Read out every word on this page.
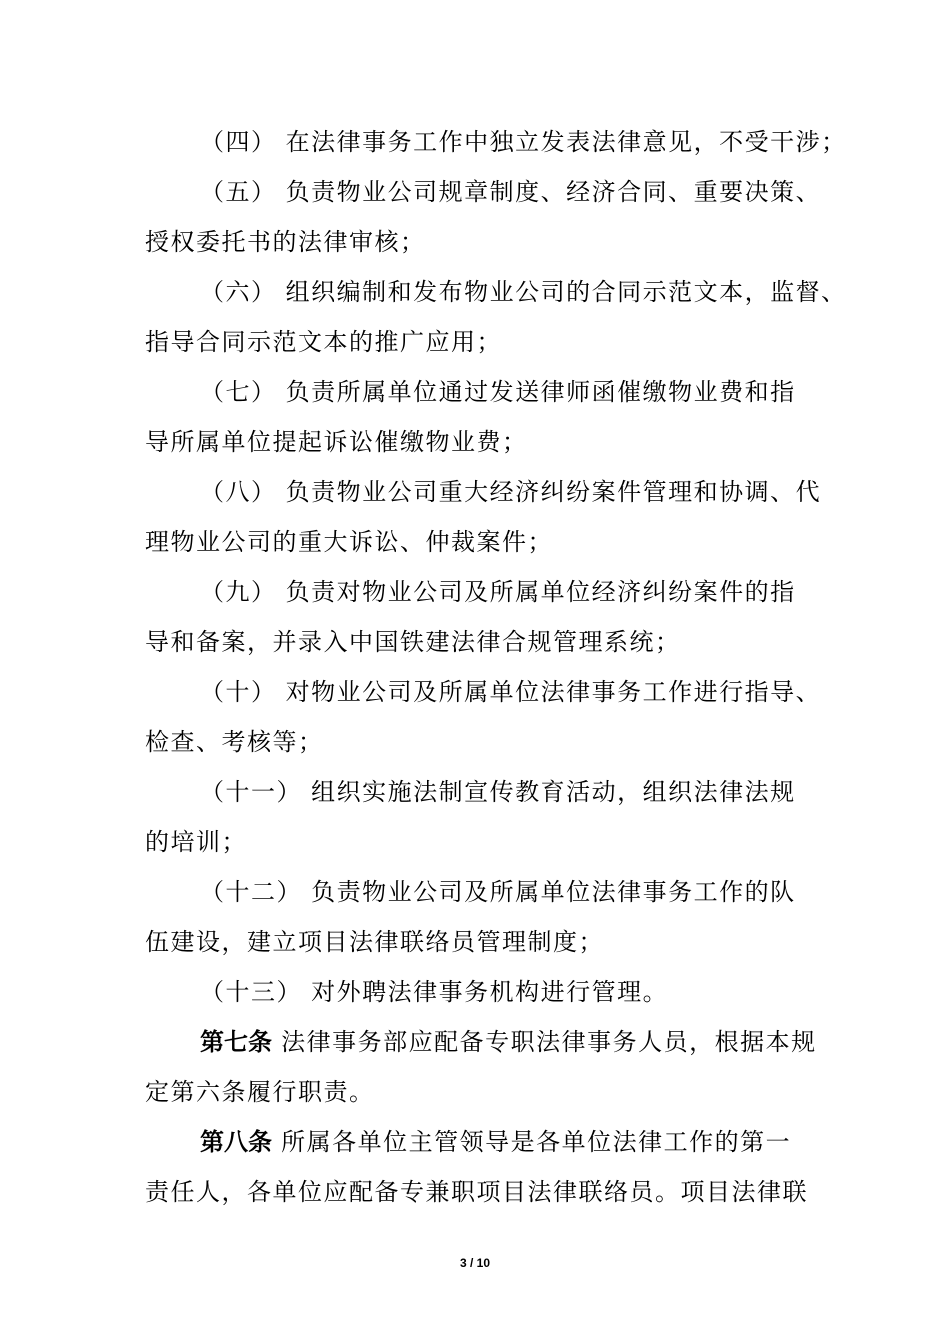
（四） 在法律事务工作中独立发表法律意见，不受干涉；
（五） 负责物业公司规章制度、经济合同、重要决策、
授权委托书的法律审核；
（六） 组织编制和发布物业公司的合同示范文本，监督、
指导合同示范文本的推广应用；
（七） 负责所属单位通过发送律师函催缴物业费和指
导所属单位提起诉讼催缴物业费；
（八） 负责物业公司重大经济纠纷案件管理和协调、代
理物业公司的重大诉讼、仲裁案件；
（九） 负责对物业公司及所属单位经济纠纷案件的指
导和备案，并录入中国铁建法律合规管理系统；
（十） 对物业公司及所属单位法律事务工作进行指导、
检查、考核等；
（十一） 组织实施法制宣传教育活动，组织法律法规
的培训；
（十二） 负责物业公司及所属单位法律事务工作的队
伍建设，建立项目法律联络员管理制度；
（十三） 对外聘法律事务机构进行管理。
第七条 法律事务部应配备专职法律事务人员，根据本规
定第六条履行职责。
第八条 所属各单位主管领导是各单位法律工作的第一
责任人，各单位应配备专兼职项目法律联络员。项目法律联
3 / 10
